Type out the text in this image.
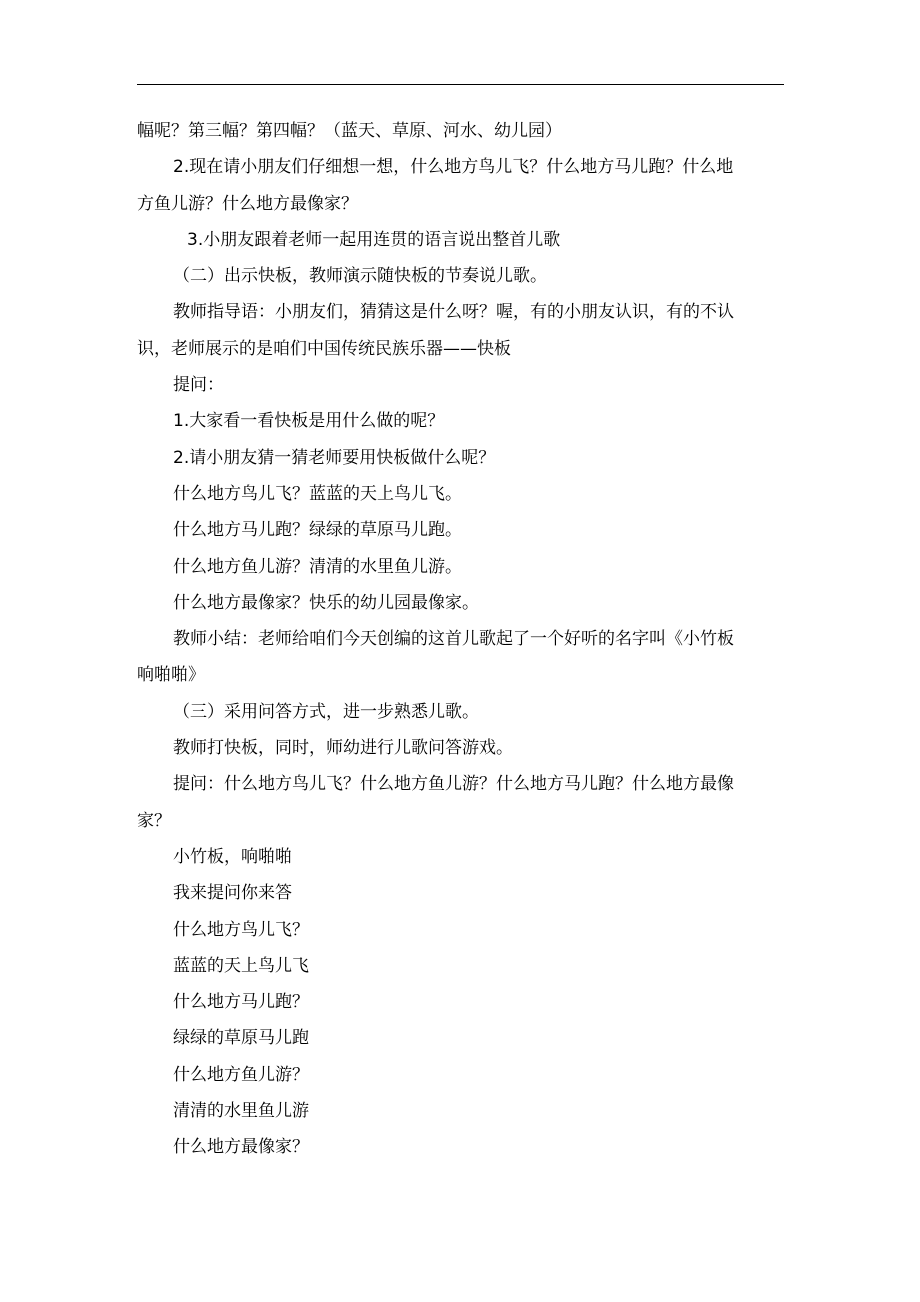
幅呢？第三幅？第四幅？（蓝天、草原、河水、幼儿园）
2.现在请小朋友们仔细想一想，什么地方鸟儿飞？什么地方马儿跑？什么地
方鱼儿游？什么地方最像家？
3.小朋友跟着老师一起用连贯的语言说出整首儿歌
（二）出示快板，教师演示随快板的节奏说儿歌。
教师指导语：小朋友们，猜猜这是什么呀？喔，有的小朋友认识，有的不认
识，老师展示的是咱们中国传统民族乐器——快板
提问：
1.大家看一看快板是用什么做的呢？
2.请小朋友猜一猜老师要用快板做什么呢？
什么地方鸟儿飞？蓝蓝的天上鸟儿飞。
什么地方马儿跑？绿绿的草原马儿跑。
什么地方鱼儿游？清清的水里鱼儿游。
什么地方最像家？快乐的幼儿园最像家。
教师小结：老师给咱们今天创编的这首儿歌起了一个好听的名字叫《小竹板
响啪啪》
（三）采用问答方式，进一步熟悉儿歌。
教师打快板，同时，师幼进行儿歌问答游戏。
提问：什么地方鸟儿飞？什么地方鱼儿游？什么地方马儿跑？什么地方最像
家？
小竹板，响啪啪
我来提问你来答
什么地方鸟儿飞？
蓝蓝的天上鸟儿飞
什么地方马儿跑？
绿绿的草原马儿跑
什么地方鱼儿游？
清清的水里鱼儿游
什么地方最像家？
